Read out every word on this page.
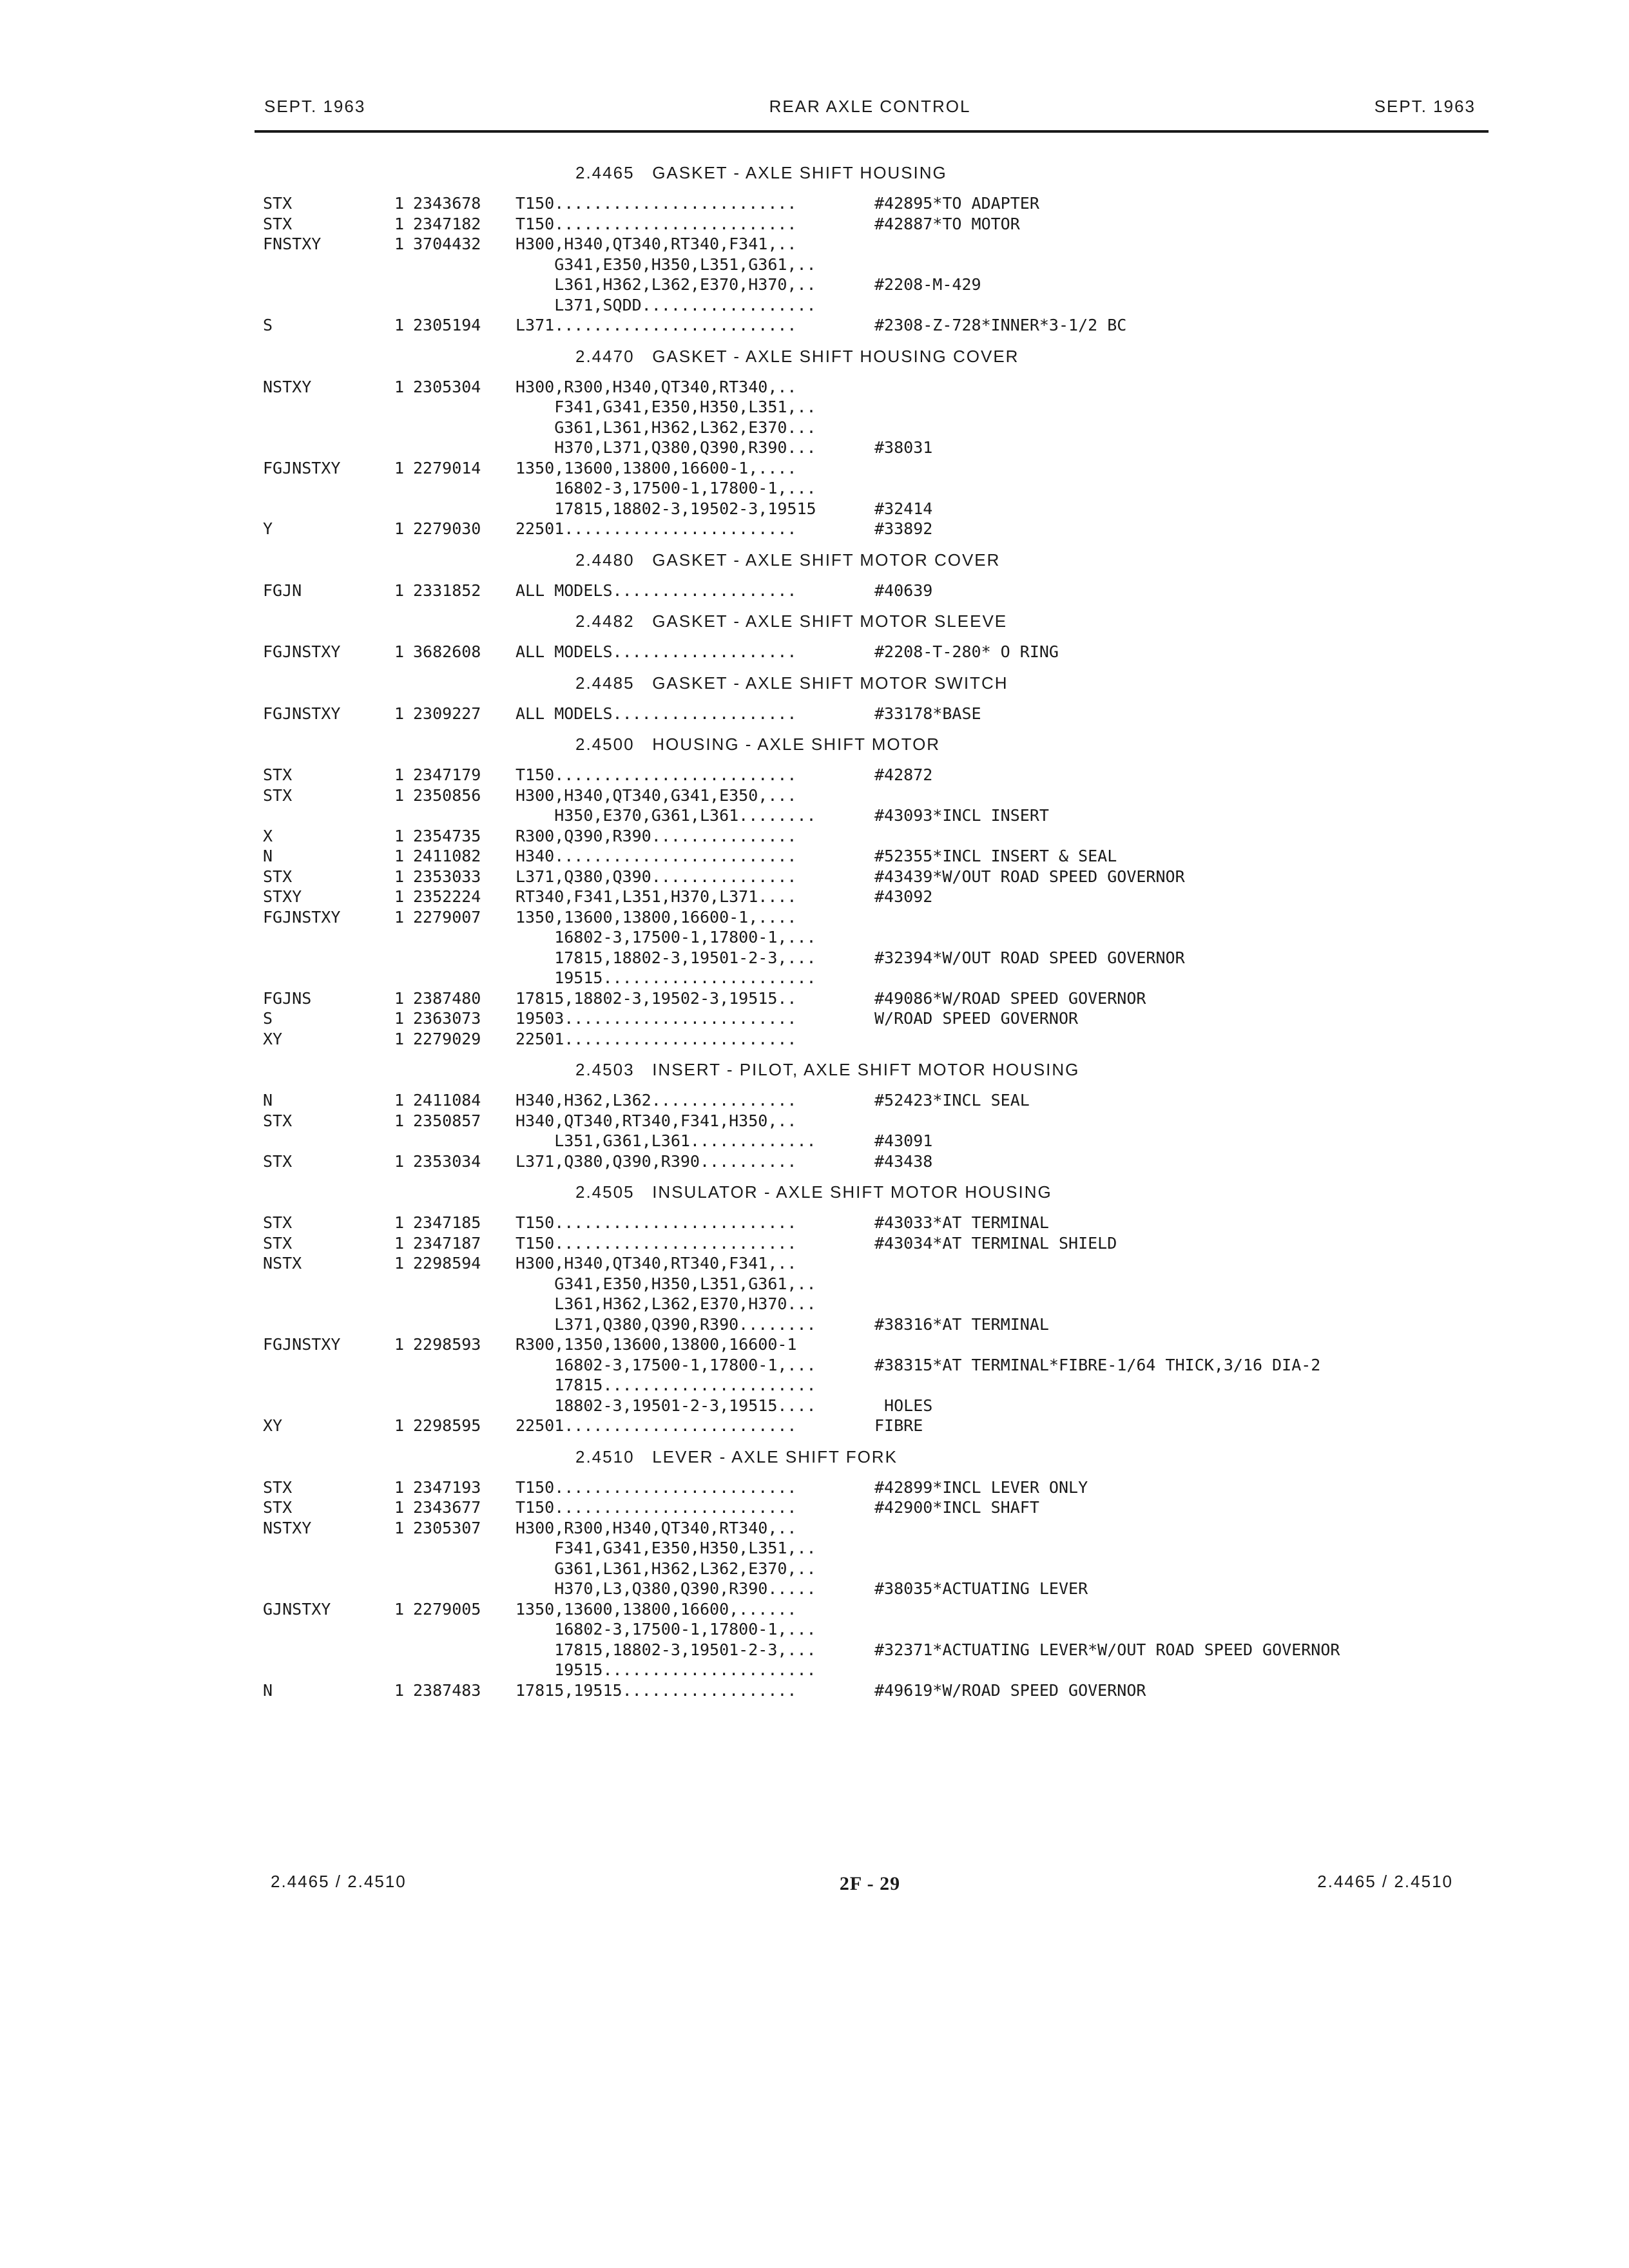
SEPT. 1963	REAR AXLE CONTROL	SEPT. 1963
2.4465   GASKET - AXLE SHIFT HOUSING
STX	1 2343678 T150.........................	#42895*TO ADAPTER
STX	1 2347182 T150.........................	#42887*TO MOTOR
FNSTXY	1 3704432 H300,H340,QT340,RT340,F341,..
G341,E350,H350,L351,G361,..
L361,H362,L362,E370,H370,..	#2208-M-429
L371,SQDD..................
S	1 2305194 L371.........................	#2308-Z-728*INNER*3-1/2 BC
2.4470   GASKET - AXLE SHIFT HOUSING COVER
NSTXY	1 2305304 H300,R300,H340,QT340,RT340,..
F341,G341,E350,H350,L351,..
G361,L361,H362,L362,E370...
H370,L371,Q380,Q390,R390...	#38031
FGJNSTXY	1 2279014 1350,13600,13800,16600-1,....
16802-3,17500-1,17800-1,...
17815,18802-3,19502-3,19515	#32414
Y	1 2279030 22501........................	#33892
2.4480   GASKET - AXLE SHIFT MOTOR COVER
FGJN	1 2331852 ALL MODELS...................	#40639
2.4482   GASKET - AXLE SHIFT MOTOR SLEEVE
FGJNSTXY	1 3682608 ALL MODELS...................	#2208-T-280* O RING
2.4485   GASKET - AXLE SHIFT MOTOR SWITCH
FGJNSTXY	1 2309227 ALL MODELS...................	#33178*BASE
2.4500   HOUSING - AXLE SHIFT MOTOR
STX	1 2347179 T150.........................	#42872
STX	1 2350856 H300,H340,QT340,G341,E350,...
H350,E370,G361,L361........	#43093*INCL INSERT
X	1 2354735 R300,Q390,R390...............
N	1 2411082 H340.........................	#52355*INCL INSERT & SEAL
STX	1 2353033 L371,Q380,Q390...............	#43439*W/OUT ROAD SPEED GOVERNOR
STXY	1 2352224 RT340,F341,L351,H370,L371....	#43092
FGJNSTXY	1 2279007 1350,13600,13800,16600-1,....
16802-3,17500-1,17800-1,...
17815,18802-3,19501-2-3,...	#32394*W/OUT ROAD SPEED GOVERNOR
19515......................
FGJNS	1 2387480 17815,18802-3,19502-3,19515..	#49086*W/ROAD SPEED GOVERNOR
S	1 2363073 19503........................	W/ROAD SPEED GOVERNOR
XY	1 2279029 22501........................
2.4503   INSERT - PILOT, AXLE SHIFT MOTOR HOUSING
N	1 2411084 H340,H362,L362...............	#52423*INCL SEAL
STX	1 2350857 H340,QT340,RT340,F341,H350,..
L351,G361,L361.............	#43091
STX	1 2353034 L371,Q380,Q390,R390..........	#43438
2.4505   INSULATOR - AXLE SHIFT MOTOR HOUSING
STX	1 2347185 T150.........................	#43033*AT TERMINAL
STX	1 2347187 T150.........................	#43034*AT TERMINAL SHIELD
NSTX	1 2298594 H300,H340,QT340,RT340,F341,..
G341,E350,H350,L351,G361,..
L361,H362,L362,E370,H370...
L371,Q380,Q390,R390........	#38316*AT TERMINAL
FGJNSTXY	1 2298593 R300,1350,13600,13800,16600-1
16802-3,17500-1,17800-1,...	#38315*AT TERMINAL*FIBRE-1/64 THICK,3/16 DIA-2
17815......................
18802-3,19501-2-3,19515....	HOLES
XY	1 2298595 22501........................	FIBRE
2.4510   LEVER - AXLE SHIFT FORK
STX	1 2347193 T150.........................	#42899*INCL LEVER ONLY
STX	1 2343677 T150.........................	#42900*INCL SHAFT
NSTXY	1 2305307 H300,R300,H340,QT340,RT340,..
F341,G341,E350,H350,L351,..
G361,L361,H362,L362,E370,..
H370,L3,Q380,Q390,R390.....	#38035*ACTUATING LEVER
GJNSTXY	1 2279005 1350,13600,13800,16600,......
16802-3,17500-1,17800-1,...
17815,18802-3,19501-2-3,...	#32371*ACTUATING LEVER*W/OUT ROAD SPEED GOVERNOR
19515......................
N	1 2387483 17815,19515..................	#49619*W/ROAD SPEED GOVERNOR
2.4465 / 2.4510	2F - 29	2.4465 / 2.4510
